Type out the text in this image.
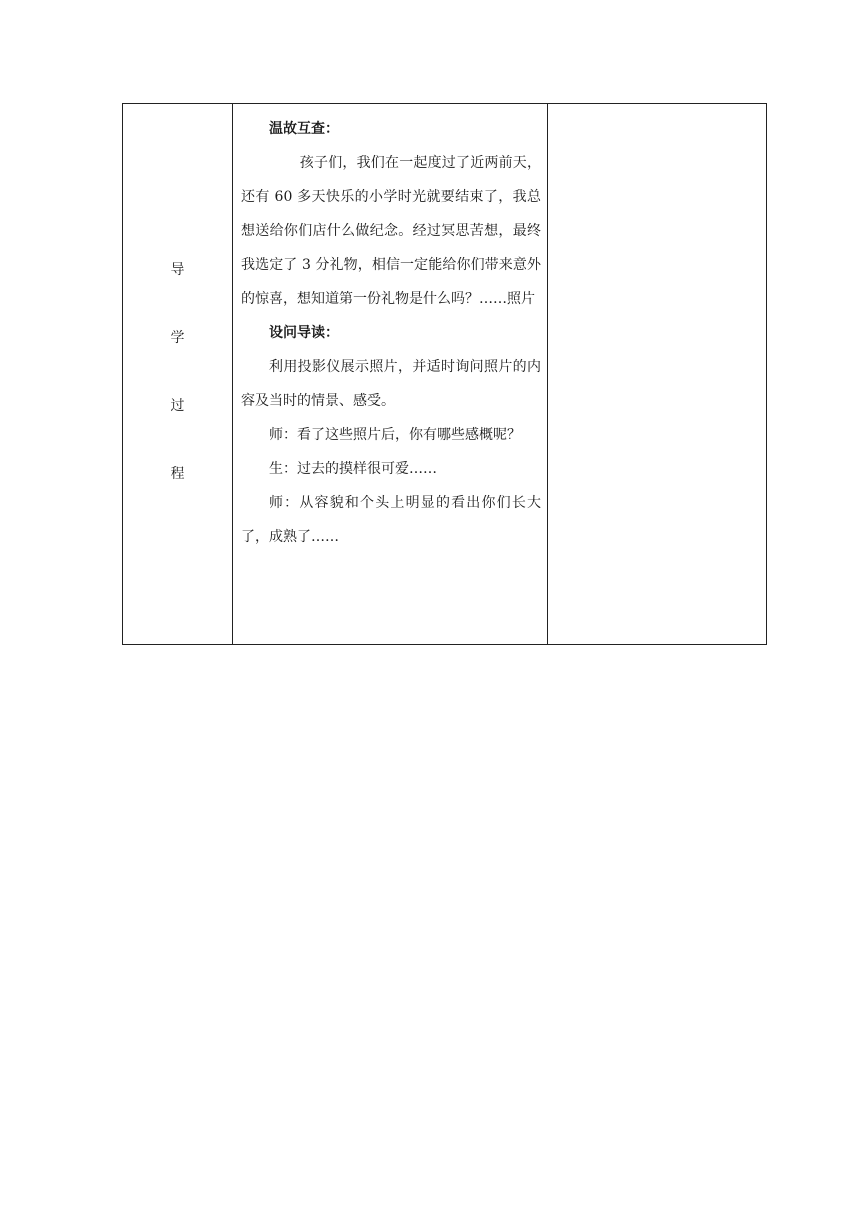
导
学
过
程

温故互查：

孩子们，我们在一起度过了近两前天，还有 60 多天快乐的小学时光就要结束了，我总想送给你们店什么做纪念。经过冥思苦想，最终我选定了 3 分礼物，相信一定能给你们带来意外的惊喜，想知道第一份礼物是什么吗？……照片

设问导读：

利用投影仪展示照片，并适时询问照片的内容及当时的情景、感受。

师：看了这些照片后，你有哪些感概呢？

生：过去的摸样很可爱……

师：从容貌和个头上明显的看出你们长大了，成熟了……
